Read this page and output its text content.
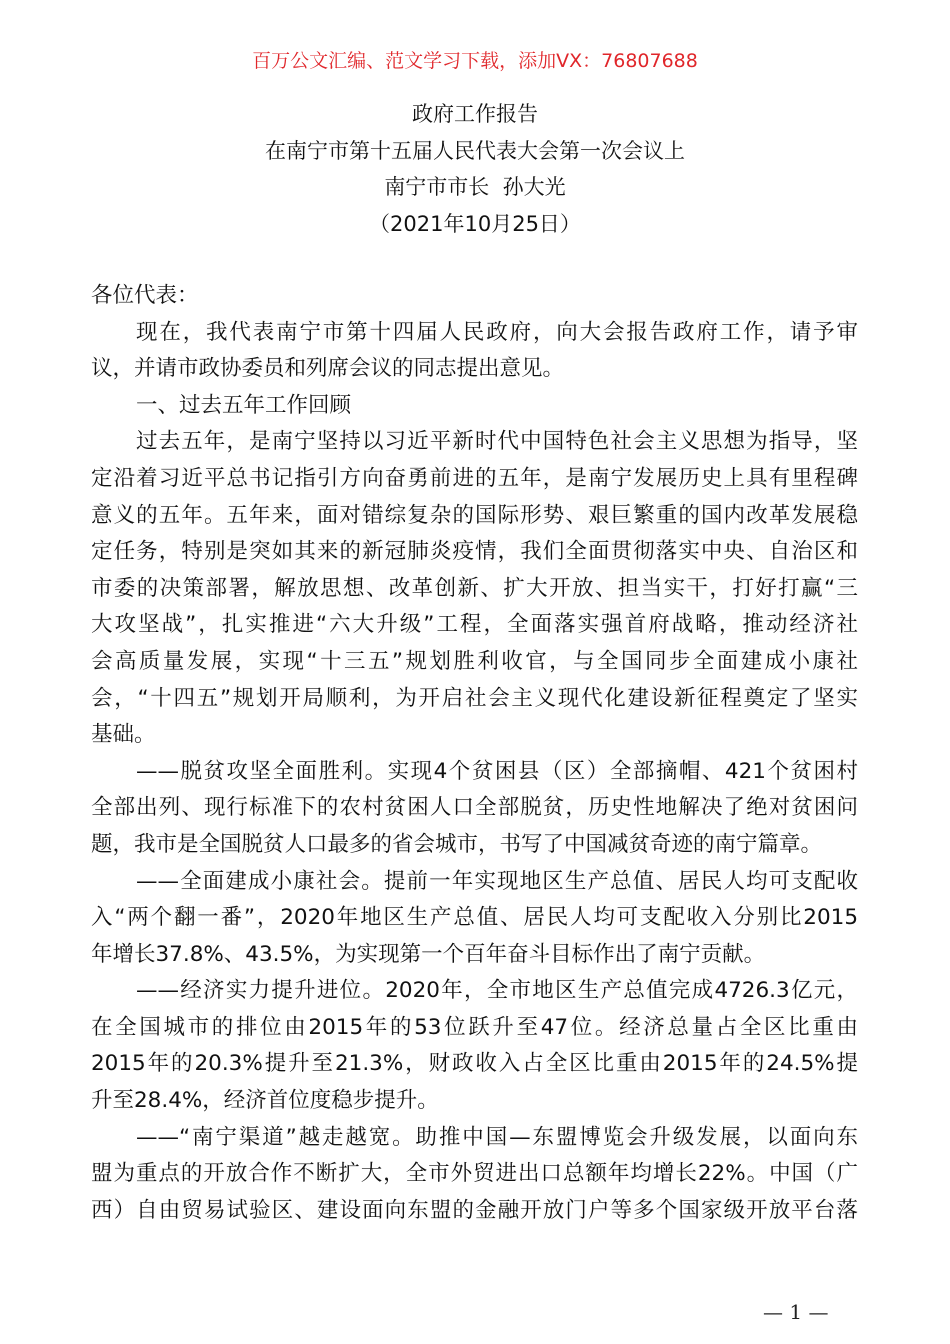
百万公文汇编、范文学习下载，添加VX：76807688
政府工作报告
在南宁市第十五届人民代表大会第一次会议上
南宁市市长  孙大光
（2021年10月25日）
各位代表：
现在，我代表南宁市第十四届人民政府，向大会报告政府工作，请予审
议，并请市政协委员和列席会议的同志提出意见。
一、过去五年工作回顾
过去五年，是南宁坚持以习近平新时代中国特色社会主义思想为指导，坚
定沿着习近平总书记指引方向奋勇前进的五年，是南宁发展历史上具有里程碑
意义的五年。五年来，面对错综复杂的国际形势、艰巨繁重的国内改革发展稳
定任务，特别是突如其来的新冠肺炎疫情，我们全面贯彻落实中央、自治区和
市委的决策部署，解放思想、改革创新、扩大开放、担当实干，打好打赢“三
大攻坚战”，扎实推进“六大升级”工程，全面落实强首府战略，推动经济社
会高质量发展，实现“十三五”规划胜利收官，与全国同步全面建成小康社
会，“十四五”规划开局顺利，为开启社会主义现代化建设新征程奠定了坚实
基础。
——脱贫攻坚全面胜利。实现4个贫困县（区）全部摘帽、421个贫困村
全部出列、现行标准下的农村贫困人口全部脱贫，历史性地解决了绝对贫困问
题，我市是全国脱贫人口最多的省会城市，书写了中国减贫奇迹的南宁篇章。
——全面建成小康社会。提前一年实现地区生产总值、居民人均可支配收
入“两个翻一番”，2020年地区生产总值、居民人均可支配收入分别比2015
年增长37.8%、43.5%，为实现第一个百年奋斗目标作出了南宁贡献。
——经济实力提升进位。2020年，全市地区生产总值完成4726.3亿元，
在全国城市的排位由2015年的53位跃升至47位。经济总量占全区比重由
2015年的20.3%提升至21.3%，财政收入占全区比重由2015年的24.5%提
升至28.4%，经济首位度稳步提升。
——“南宁渠道”越走越宽。助推中国—东盟博览会升级发展，以面向东
盟为重点的开放合作不断扩大，全市外贸进出口总额年均增长22%。中国（广
西）自由贸易试验区、建设面向东盟的金融开放门户等多个国家级开放平台落
— 1 —
